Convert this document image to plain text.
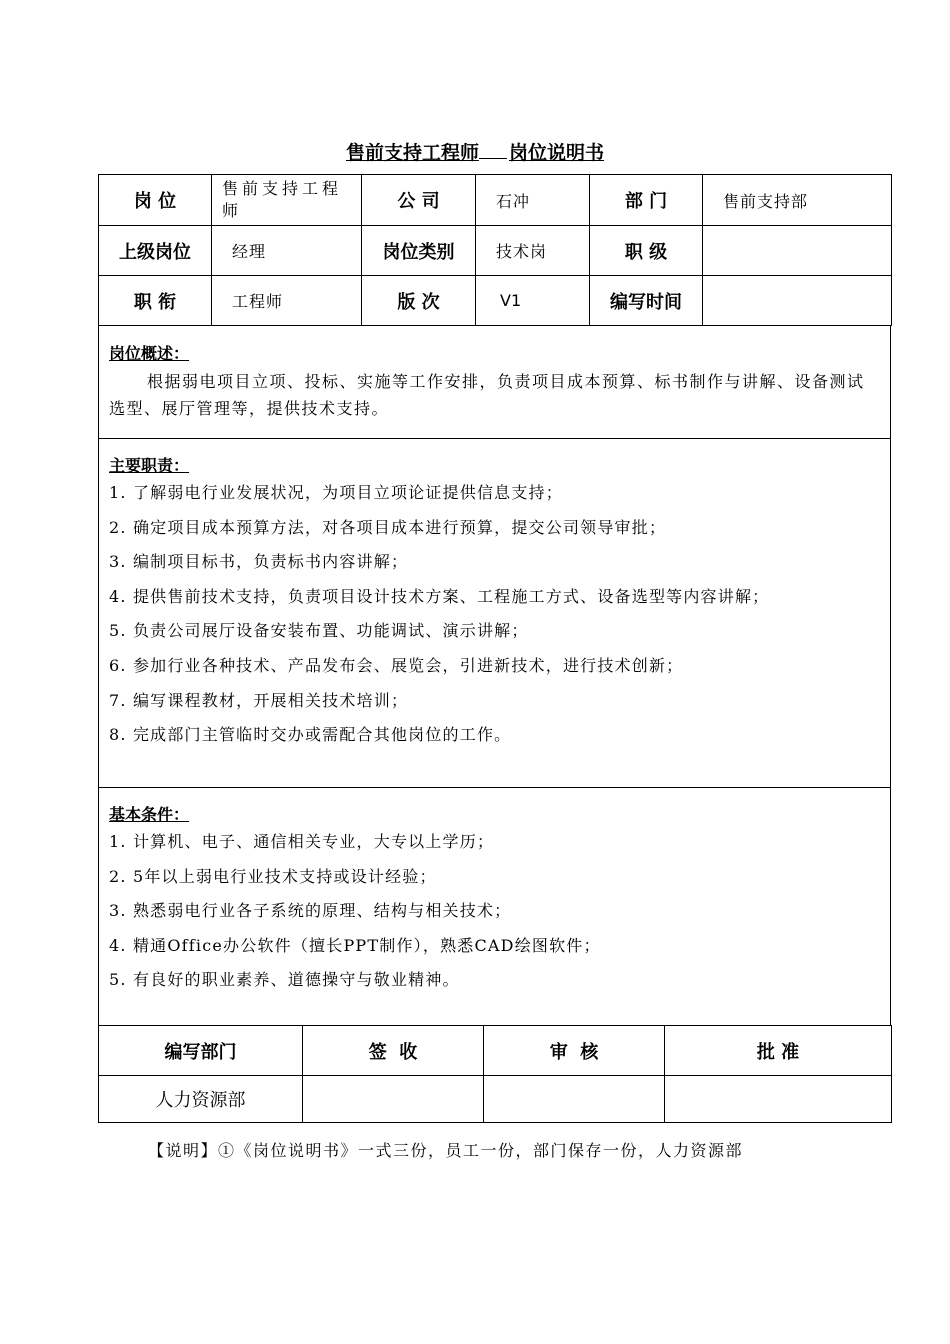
售前支持工程师 岗位说明书
岗 位	售前支持工程师	公 司	石冲	部 门	售前支持部
上级岗位	经理	岗位类别	技术岗	职 级	
职 衔	工程师	版 次	V1	编写时间	
岗位概述：
根据弱电项目立项、投标、实施等工作安排，负责项目成本预算、标书制作与讲解、设备测试选型、展厅管理等，提供技术支持。
主要职责：
1. 了解弱电行业发展状况，为项目立项论证提供信息支持；
2. 确定项目成本预算方法，对各项目成本进行预算，提交公司领导审批；
3. 编制项目标书，负责标书内容讲解；
4. 提供售前技术支持，负责项目设计技术方案、工程施工方式、设备选型等内容讲解；
5. 负责公司展厅设备安装布置、功能调试、演示讲解；
6. 参加行业各种技术、产品发布会、展览会，引进新技术，进行技术创新；
7. 编写课程教材，开展相关技术培训；
8. 完成部门主管临时交办或需配合其他岗位的工作。
基本条件：
1. 计算机、电子、通信相关专业，大专以上学历；
2. 5年以上弱电行业技术支持或设计经验；
3. 熟悉弱电行业各子系统的原理、结构与相关技术；
4. 精通Office办公软件（擅长PPT制作），熟悉CAD绘图软件；
5. 有良好的职业素养、道德操守与敬业精神。
编写部门	签  收	审  核	批 准
人力资源部			
【说明】①《岗位说明书》一式三份，员工一份，部门保存一份，人力资源部
